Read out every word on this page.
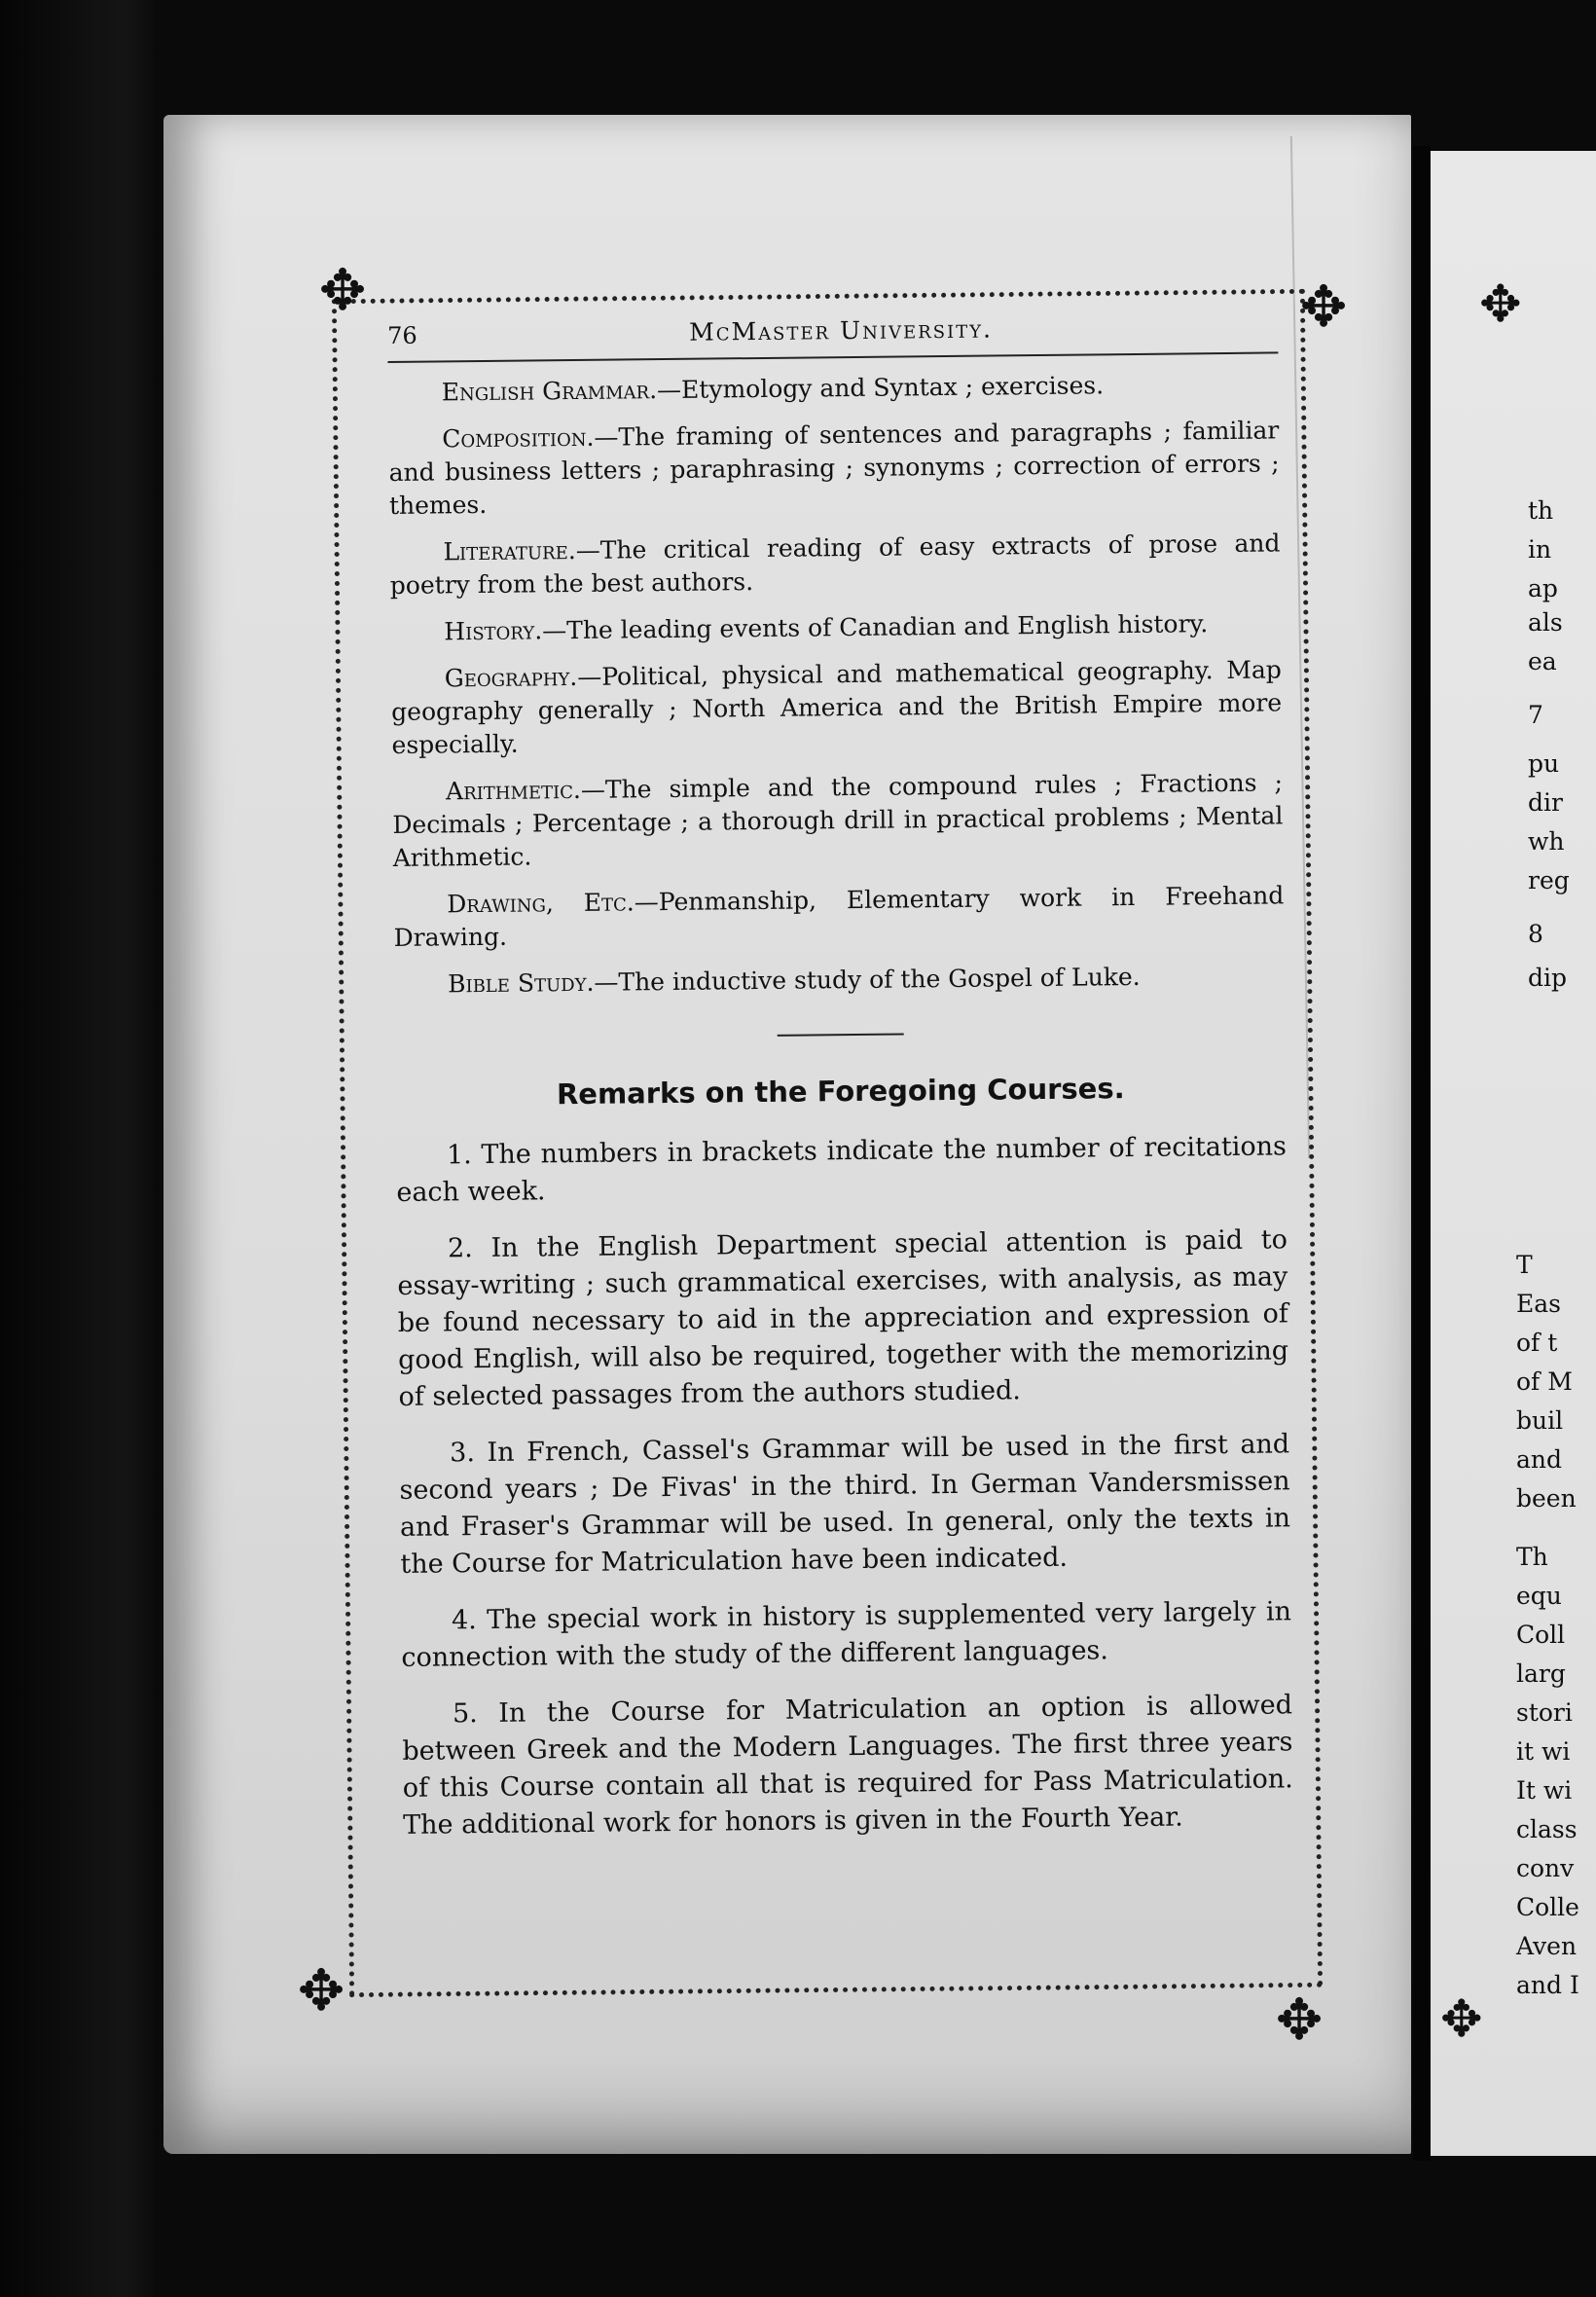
✥
✥
th
in
ap
als
ea
7
pu
dir
wh
reg
8
dip
T
Eas
of t
of M
buil
and
been
Th
equ
Coll
larg
stori
it wi
It wi
class
conv
Colle
Aven
and I
✥	✥
✥	✥
76	McMaster University.

English Grammar.—Etymology and Syntax ; exercises.

Composition.—The framing of sentences and paragraphs ; familiar and business letters ; paraphrasing ; synonyms ; correction of errors ; themes.

Literature.—The critical reading of easy extracts of prose and poetry from the best authors.

History.—The leading events of Canadian and English history.

Geography.—Political, physical and mathematical geography. Map geography generally ; North America and the British Empire more especially.

Arithmetic.—The simple and the compound rules ; Fractions ; Decimals ; Percentage ; a thorough drill in practical problems ; Mental Arithmetic.

Drawing, Etc.—Penmanship, Elementary work in Freehand Drawing.

Bible Study.—The inductive study of the Gospel of Luke.

Remarks on the Foregoing Courses.

1. The numbers in brackets indicate the number of recitations each week.

2. In the English Department special attention is paid to essay-writing ; such grammatical exercises, with analysis, as may be found necessary to aid in the appreciation and expression of good English, will also be required, together with the memorizing of selected passages from the authors studied.

3. In French, Cassel's Grammar will be used in the first and second years ; De Fivas' in the third. In German Vandersmissen and Fraser's Grammar will be used. In general, only the texts in the Course for Matriculation have been indicated.

4. The special work in history is supplemented very largely in connection with the study of the different languages.

5. In the Course for Matriculation an option is allowed between Greek and the Modern Languages. The first three years of this Course contain all that is required for Pass Matriculation. The additional work for honors is given in the Fourth Year.
